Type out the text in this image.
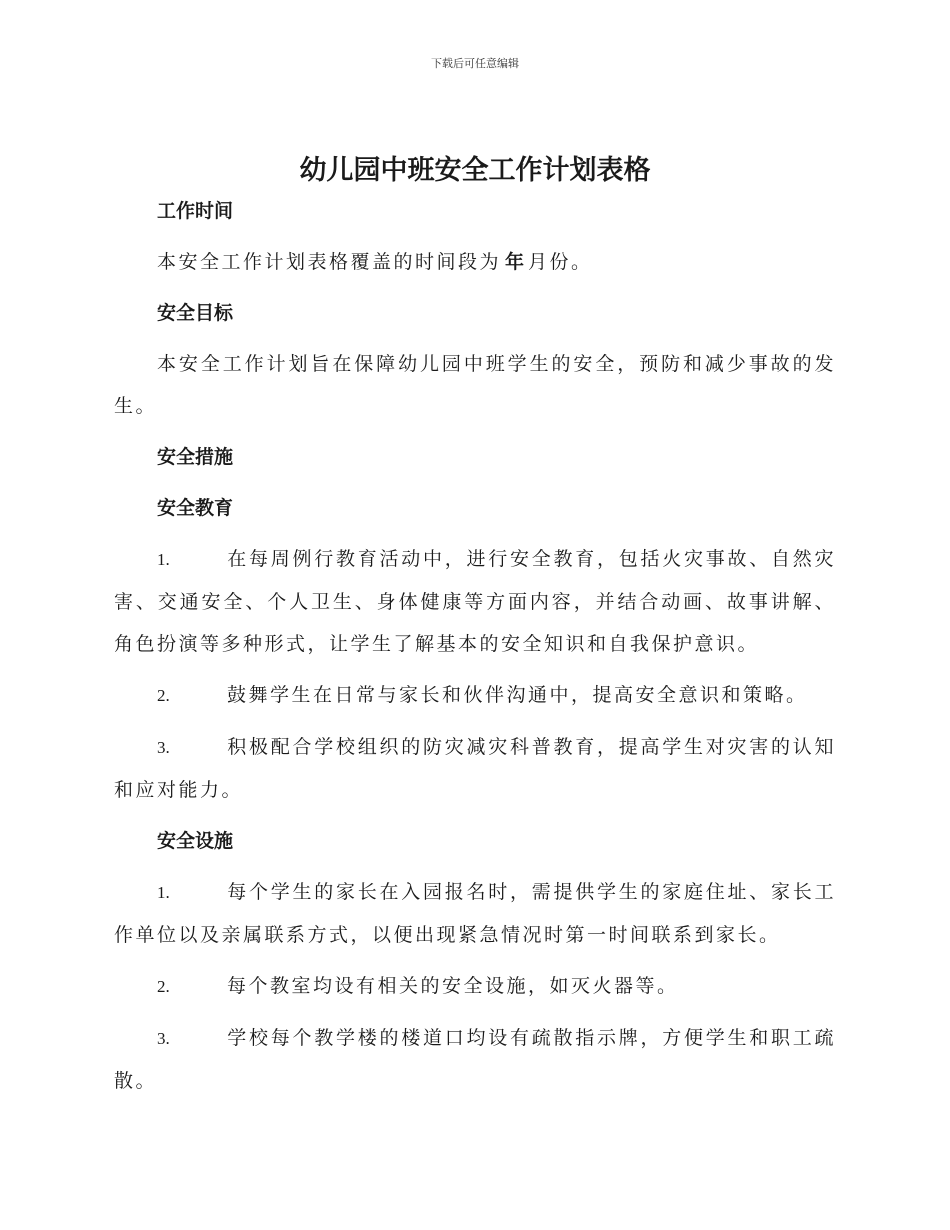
下载后可任意编辑
幼儿园中班安全工作计划表格
工作时间

本安全工作计划表格覆盖的时间段为 年 月份。

安全目标

本安全工作计划旨在保障幼儿园中班学生的安全，预防和减少事故的发生。

安全措施
安全教育

1.	在每周例行教育活动中，进行安全教育，包括火灾事故、自然灾害、交通安全、个人卫生、身体健康等方面内容，并结合动画、故事讲解、角色扮演等多种形式，让学生了解基本的安全知识和自我保护意识。

2.	鼓舞学生在日常与家长和伙伴沟通中，提高安全意识和策略。

3.	积极配合学校组织的防灾减灾科普教育，提高学生对灾害的认知和应对能力。

安全设施

1.	每个学生的家长在入园报名时，需提供学生的家庭住址、家长工作单位以及亲属联系方式，以便出现紧急情况时第一时间联系到家长。

2.	每个教室均设有相关的安全设施，如灭火器等。

3.	学校每个教学楼的楼道口均设有疏散指示牌，方便学生和职工疏散。
